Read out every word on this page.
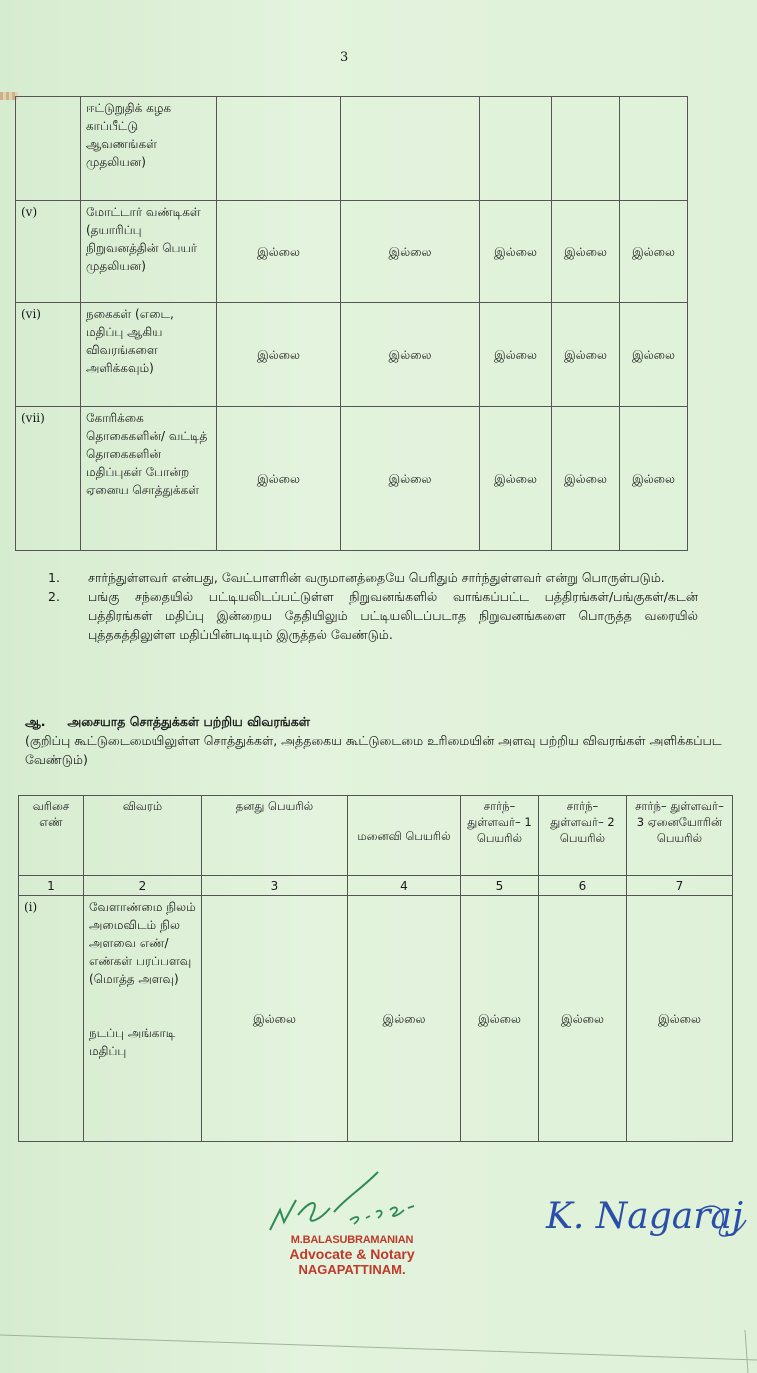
3
	ஈட்டுறுதிக் கழக காப்பீட்டு ஆவணங்கள் முதலியன)					
(v)	மோட்டார் வண்டிகள் (தயாரிப்பு நிறுவனத்தின் பெயர் முதலியன)	இல்லை	இல்லை	இல்லை	இல்லை	இல்லை
(vi)	நகைகள் (எடை, மதிப்பு ஆகிய விவரங்களை அளிக்கவும்)	இல்லை	இல்லை	இல்லை	இல்லை	இல்லை
(vii)	கோரிக்கை தொகைகளின்/ வட்டித் தொகைகளின் மதிப்புகள் போன்ற ஏனைய சொத்துக்கள்	இல்லை	இல்லை	இல்லை	இல்லை	இல்லை
1.	சார்ந்துள்ளவர் என்பது, வேட்பாளரின் வருமானத்தையே பெரிதும் சார்ந்துள்ளவர் என்று பொருள்படும்.
2.	பங்கு சந்தையில் பட்டியலிடப்பட்டுள்ள நிறுவனங்களில் வாங்கப்பட்ட பத்திரங்கள்/பங்குகள்/கடன் பத்திரங்கள் மதிப்பு இன்றைய தேதியிலும் பட்டியலிடப்படாத நிறுவனங்களை பொருத்த வரையில் புத்தகத்திலுள்ள மதிப்பின்படியும் இருத்தல் வேண்டும்.
ஆ. அசையாத சொத்துக்கள் பற்றிய விவரங்கள்
(குறிப்பு கூட்டுடைமையிலுள்ள சொத்துக்கள், அத்தகைய கூட்டுடைமை உரிமையின் அளவு பற்றிய விவரங்கள் அளிக்கப்பட வேண்டும்)
வரிசை எண்	விவரம்	தனது பெயரில்	மனைவி பெயரில்	சார்ந்– துள்ளவர்– 1 பெயரில்	சார்ந்– துள்ளவர்– 2 பெயரில்	சார்ந்– துள்ளவர்–3 ஏனையோரின் பெயரில்
1	2	3	4	5	6	7
(i)	வேளாண்மை நிலம் அமைவிடம் நில அளவை எண்/எண்கள் பரப்பளவு (மொத்த அளவு)
நடப்பு அங்காடி மதிப்பு	இல்லை	இல்லை	இல்லை	இல்லை	இல்லை
M.BALASUBRAMANIAN
Advocate & Notary
NAGAPATTINAM.
K. Nagaraj
